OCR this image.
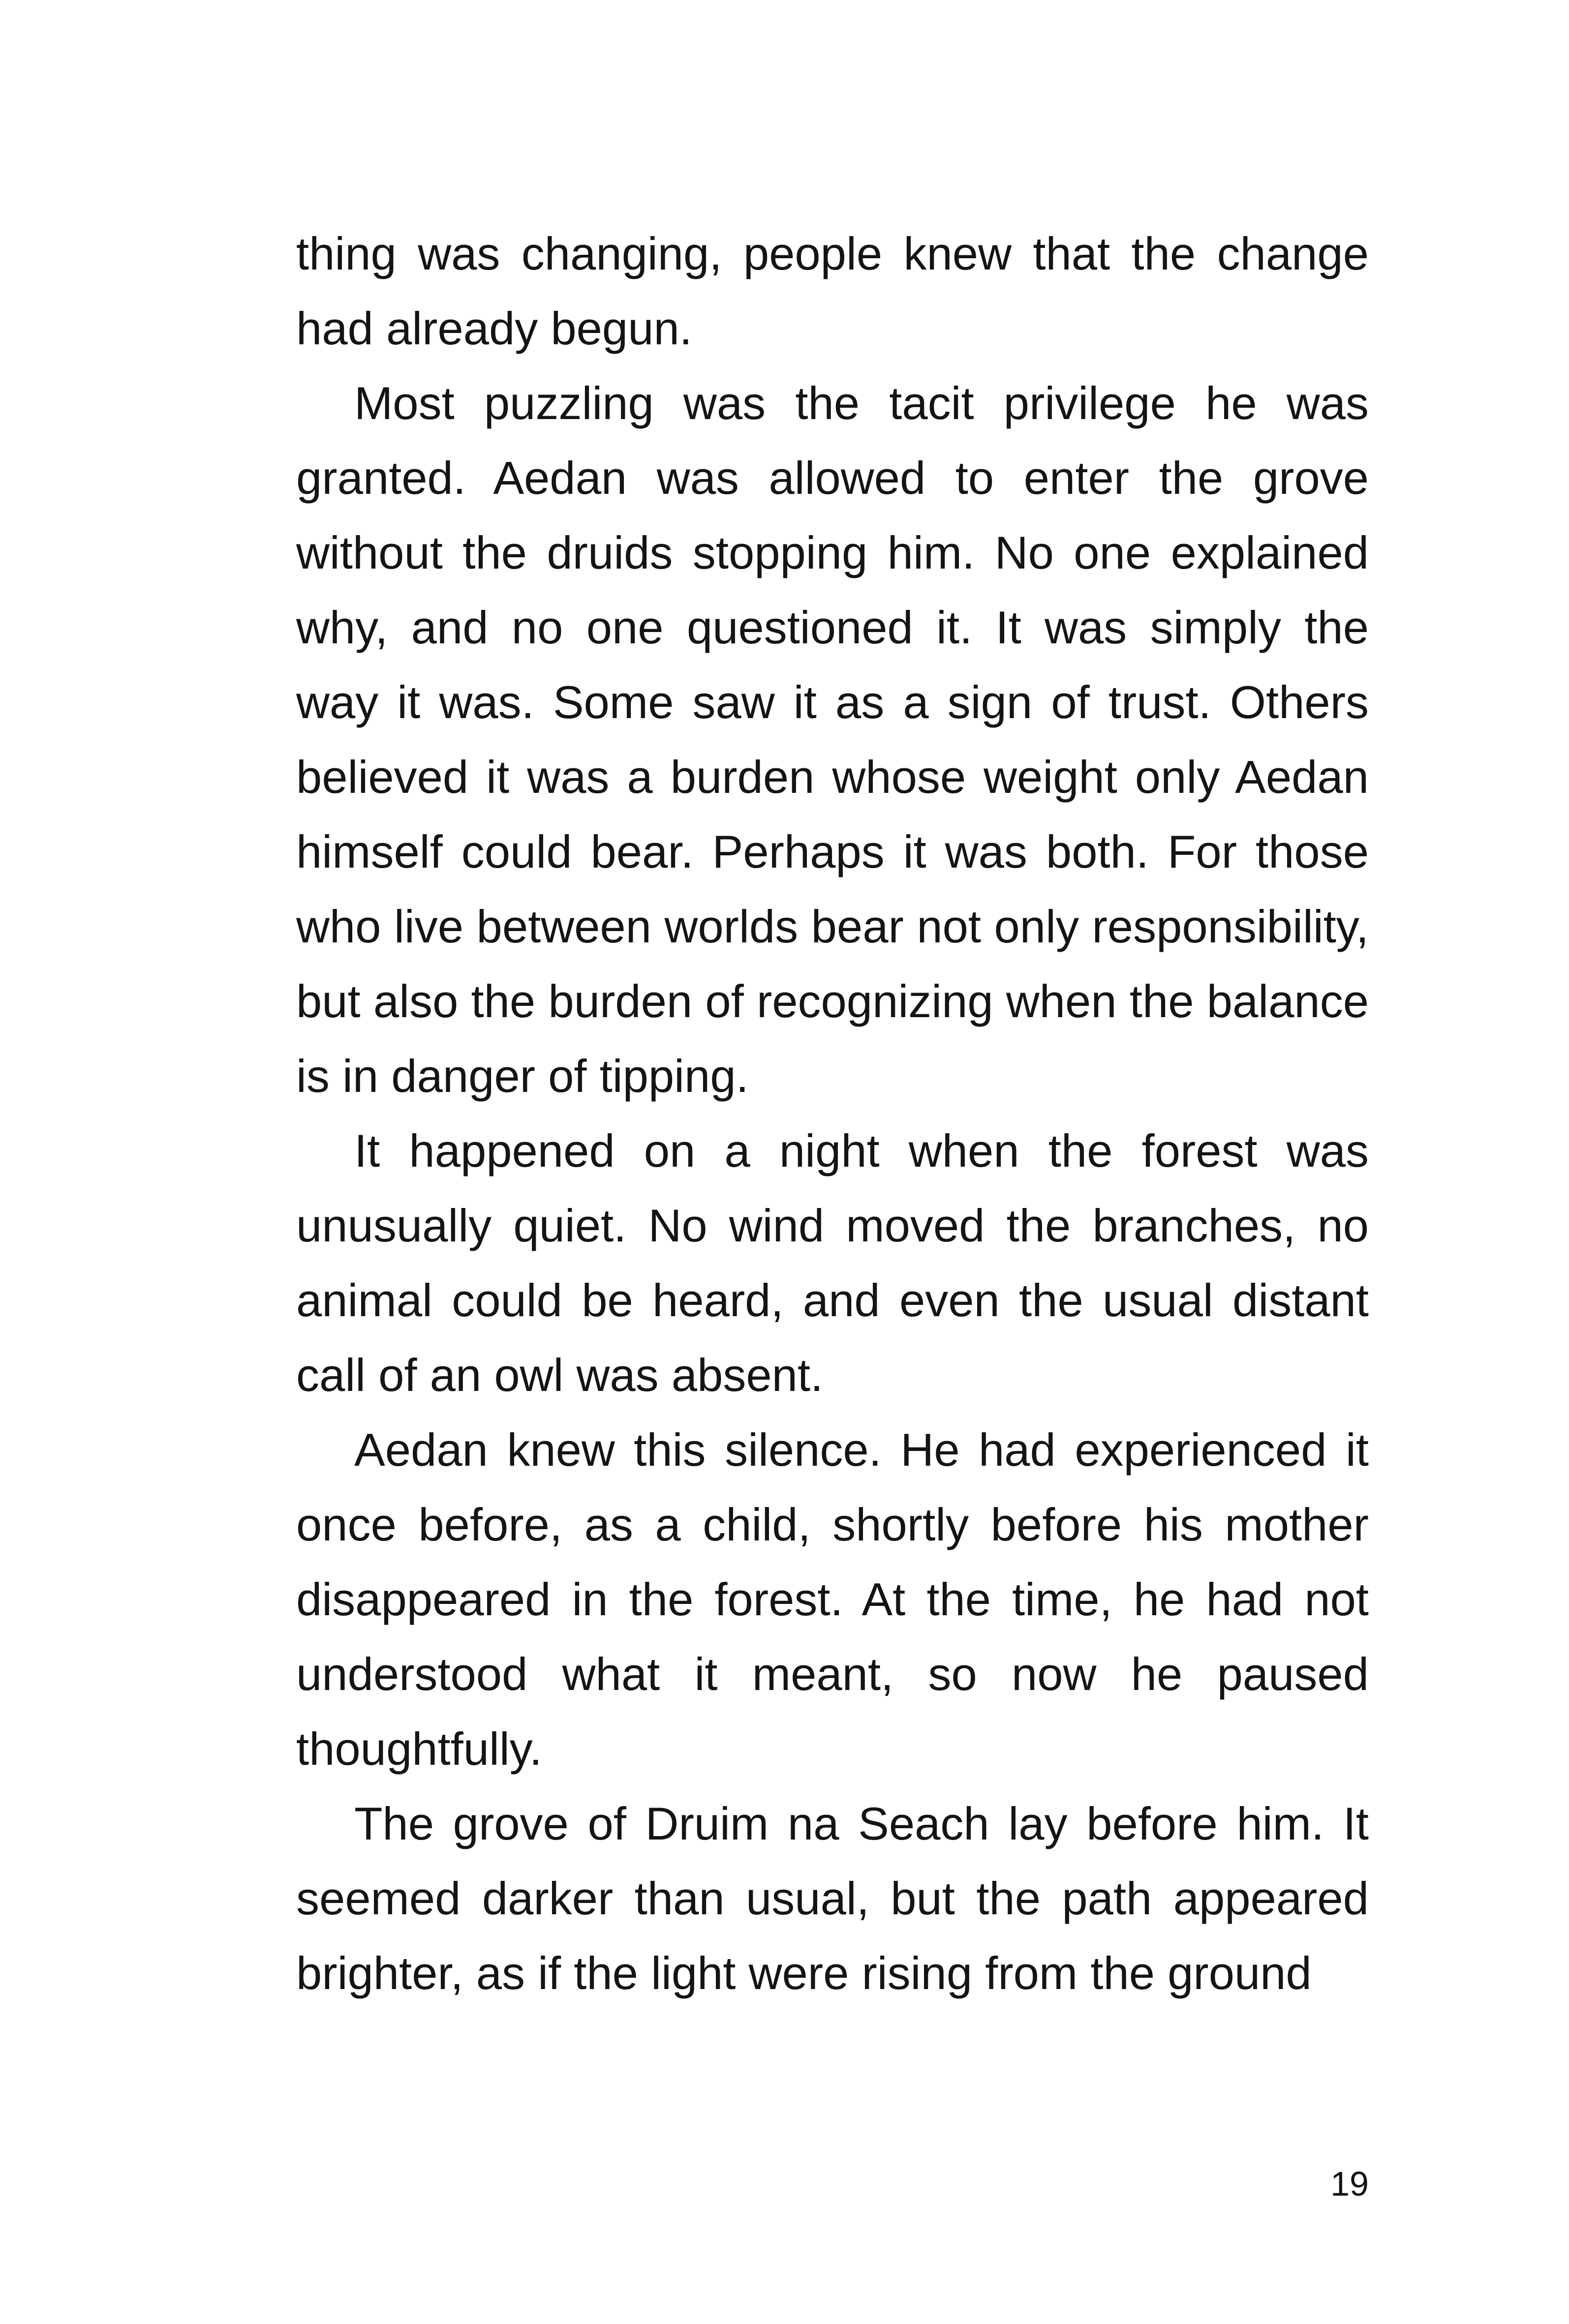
thing was changing, people knew that the change had already begun.

Most puzzling was the tacit privilege he was granted. Aedan was allowed to enter the grove without the druids stopping him. No one explained why, and no one questioned it. It was simply the way it was. Some saw it as a sign of trust. Others believed it was a burden whose weight only Aedan himself could bear. Perhaps it was both. For those who live between worlds bear not only responsibility, but also the burden of recognizing when the balance is in danger of tipping.

It happened on a night when the forest was unusually quiet. No wind moved the branches, no animal could be heard, and even the usual distant call of an owl was absent.

Aedan knew this silence. He had experienced it once before, as a child, shortly before his mother disappeared in the forest. At the time, he had not understood what it meant, so now he paused thoughtfully.

The grove of Druim na Seach lay before him. It seemed darker than usual, but the path appeared brighter, as if the light were rising from the ground

19
